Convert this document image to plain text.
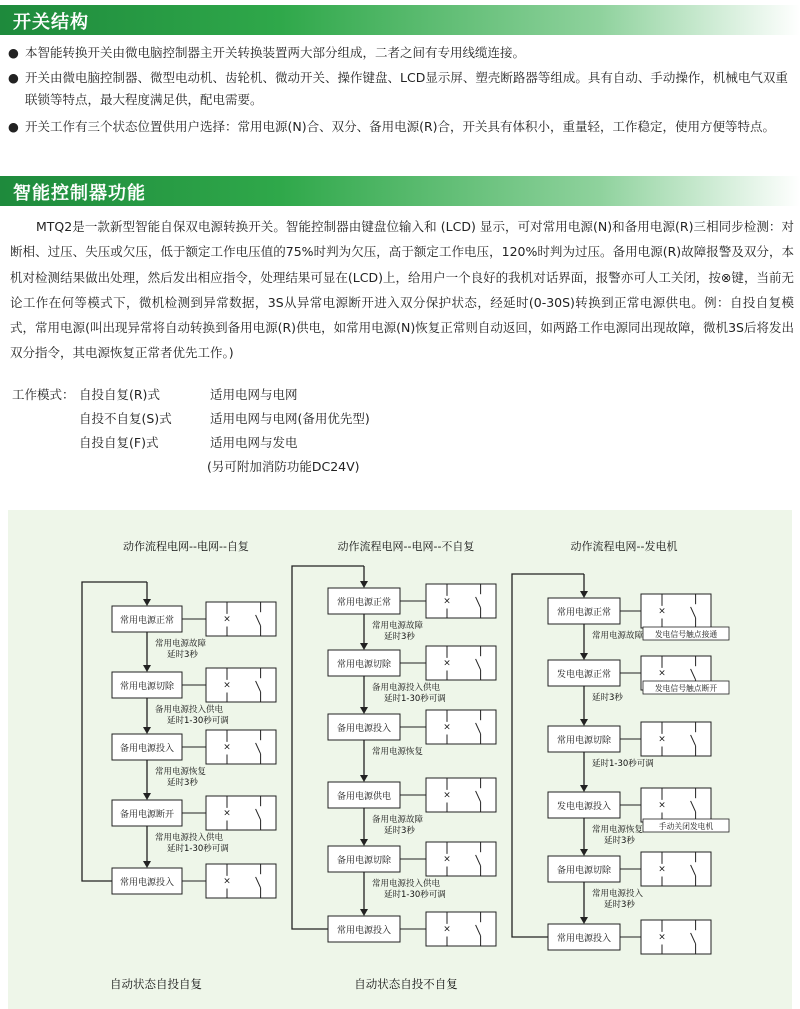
开关结构
● 本智能转换开关由微电脑控制器主开关转换装置两大部分组成，二者之间有专用线缆连接。
● 开关由微电脑控制器、微型电动机、齿轮机、微动开关、操作键盘、LCD显示屏、塑壳断路器等组成。具有自动、手动操作，机械电气双重联锁等特点，最大程度满足供，配电需要。
● 开关工作有三个状态位置供用户选择：常用电源(N)合、双分、备用电源(R)合，开关具有体积小，重量轻，工作稳定，使用方便等特点。
智能控制器功能
MTQ2是一款新型智能自保双电源转换开关。智能控制器由键盘位输入和 (LCD) 显示，可对常用电源(N)和备用电源(R)三相同步检测：对断相、过压、失压或欠压，低于额定工作电压值的75%时判为欠压，高于额定工作电压，120%时判为过压。备用电源(R)故障报警及双分，本机对检测结果做出处理，然后发出相应指令，处理结果可显在(LCD)上，给用户一个良好的我机对话界面，报警亦可人工关闭，按⊗键，当前无论工作在何等模式下，微机检测到异常数据，3S从异常电源断开进入双分保护状态，经延时(0-30S)转换到正常电源供电。例：自投自复模式，常用电源(叫出现异常将自动转换到备用电源(R)供电，如常用电源(N)恢复正常则自动返回，如两路工作电源同出现故障，微机3S后将发出双分指令，其电源恢复正常者优先工作。)
工作模式： 自投自复(R)式	适用电网与电网
自投不自复(S)式	适用电网与电网(备用优先型)
自投自复(F)式	适用电网与发电
(另可附加消防功能DC24V)
动作流程电网--电网--自复
常用电源正常	×
常用电源故障
延时3秒
常用电源切除	×
备用电源投入供电
延时1-30秒可调
备用电源投入	×
常用电源恢复
延时3秒
备用电源断开	×
常用电源投入供电
延时1-30秒可调
常用电源投入	×
自动状态自投自复
动作流程电网--电网--不自复
常用电源正常	×
常用电源故障
延时3秒
常用电源切除	×
备用电源投入供电
延时1-30秒可调
备用电源投入	×
常用电源恢复
备用电源供电	×
备用电源故障
延时3秒
备用电源切除	×
常用电源投入供电
延时1-30秒可调
常用电源投入	×
自动状态自投不自复
动作流程电网--发电机
常用电源正常	×
常用电源故障
发电电源正常	×
延时3秒
常用电源切除	×
延时1-30秒可调
发电电源投入	×
常用电源恢复
延时3秒
备用电源切除	×
常用电源投入
延时3秒
常用电源投入	×
发电信号触点接通
发电信号触点断开
手动关闭发电机
